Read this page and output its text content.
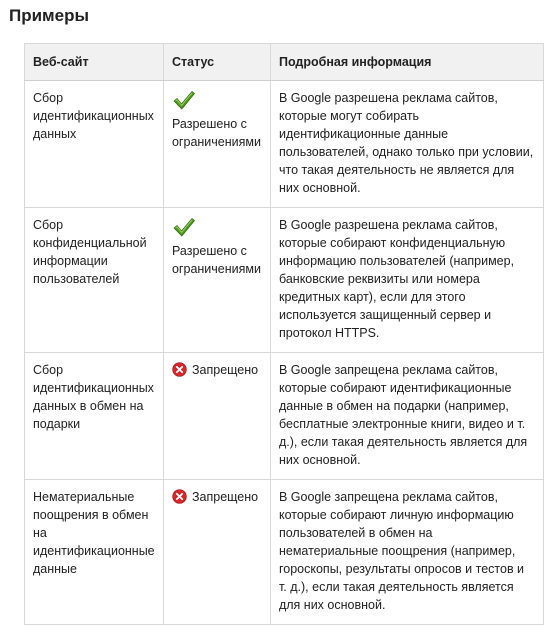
Примеры
Веб-сайт	Статус	Подробная информация
Сбор идентификационных данных	Разрешено с ограничениями	В Google разрешена реклама сайтов, которые могут собирать идентификационные данные пользователей, однако только при условии, что такая деятельность не является для них основной.
Сбор конфиденциальной информации пользователей	Разрешено с ограничениями	В Google разрешена реклама сайтов, которые собирают конфиденциальную информацию пользователей (например, банковские реквизиты или номера кредитных карт), если для этого используется защищенный сервер и протокол HTTPS.
Сбор идентификационных данных в обмен на подарки	Запрещено	В Google запрещена реклама сайтов, которые собирают идентификационные данные в обмен на подарки (например, бесплатные электронные книги, видео и т. д.), если такая деятельность является для них основной.
Нематериальные поощрения в обмен на идентификационные данные	Запрещено	В Google запрещена реклама сайтов, которые собирают личную информацию пользователей в обмен на нематериальные поощрения (например, гороскопы, результаты опросов и тестов и т. д.), если такая деятельность является для них основной.
